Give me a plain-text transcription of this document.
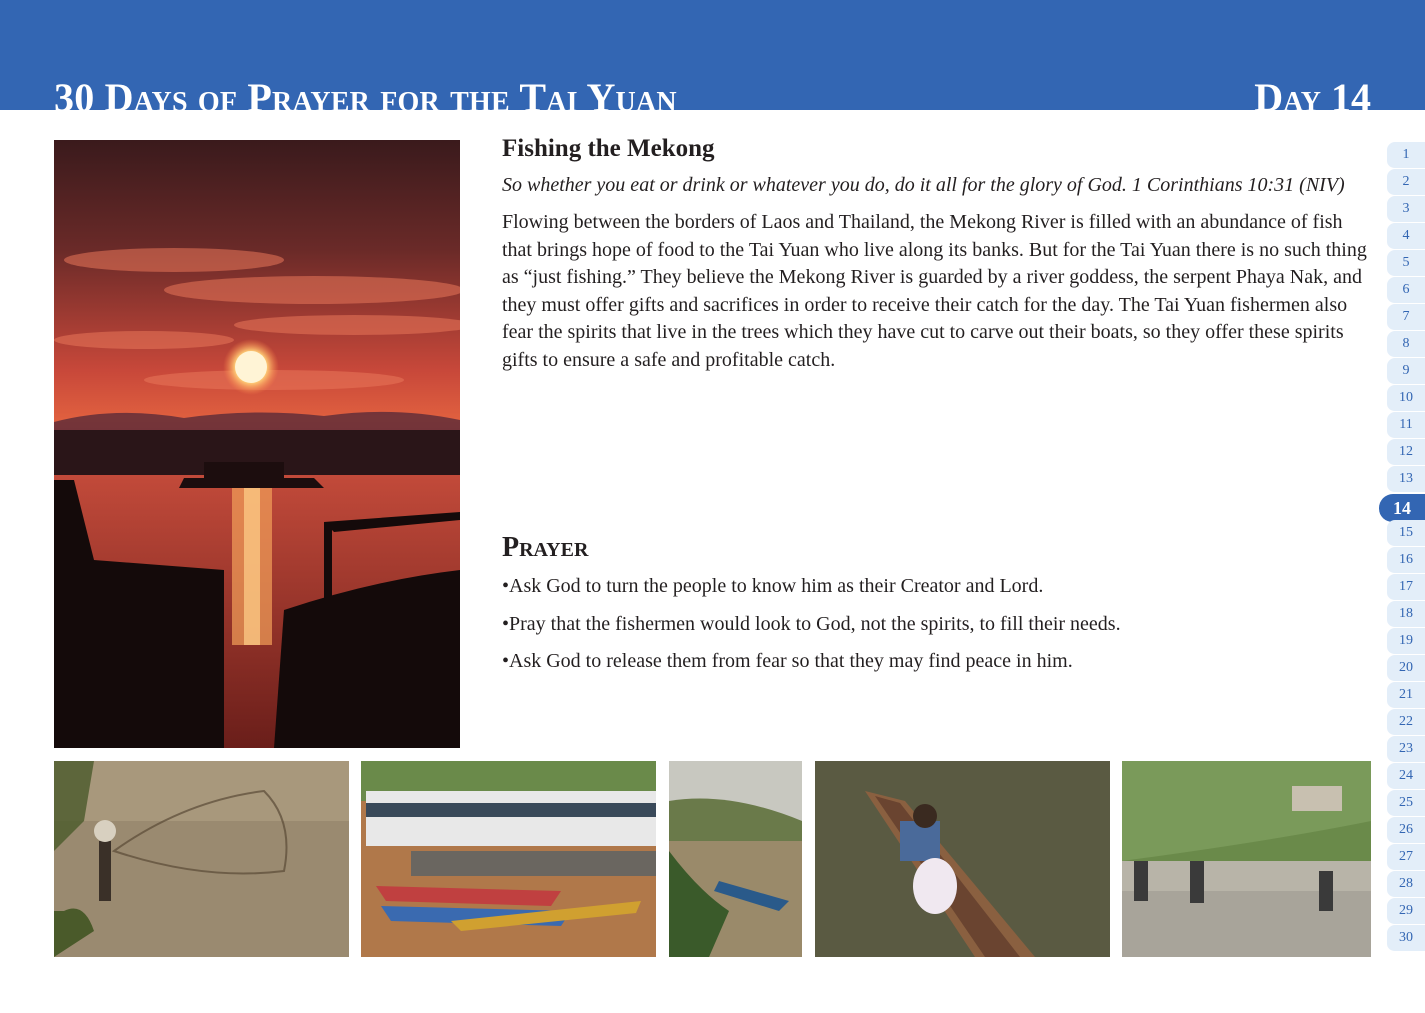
30 Days of Prayer for the Tai Yuan	Day 14
Fishing the Mekong

So whether you eat or drink or whatever you do, do it all for the glory of God. 1 Corinthians 10:31 (NIV)

Flowing between the borders of Laos and Thailand, the Mekong River is filled with an abundance of fish that brings hope of food to the Tai Yuan who live along its banks. But for the Tai Yuan there is no such thing as “just fishing.” They believe the Mekong River is guarded by a river goddess, the serpent Phaya Nak, and they must offer gifts and sacrifices in order to receive their catch for the day. The Tai Yuan fishermen also fear the spirits that live in the trees which they have cut to carve out their boats, so they offer these spirits gifts to ensure a safe and profitable catch.

Prayer
•Ask God to turn the people to know him as their Creator and Lord.
•Pray that the fishermen would look to God, not the spirits, to fill their needs.
•Ask God to release them from fear so that they may find peace in him.
1
2
3
4
5
6
7
8
9
10
11
12
13
14
15
16
17
18
19
20
21
22
23
24
25
26
27
28
29
30
